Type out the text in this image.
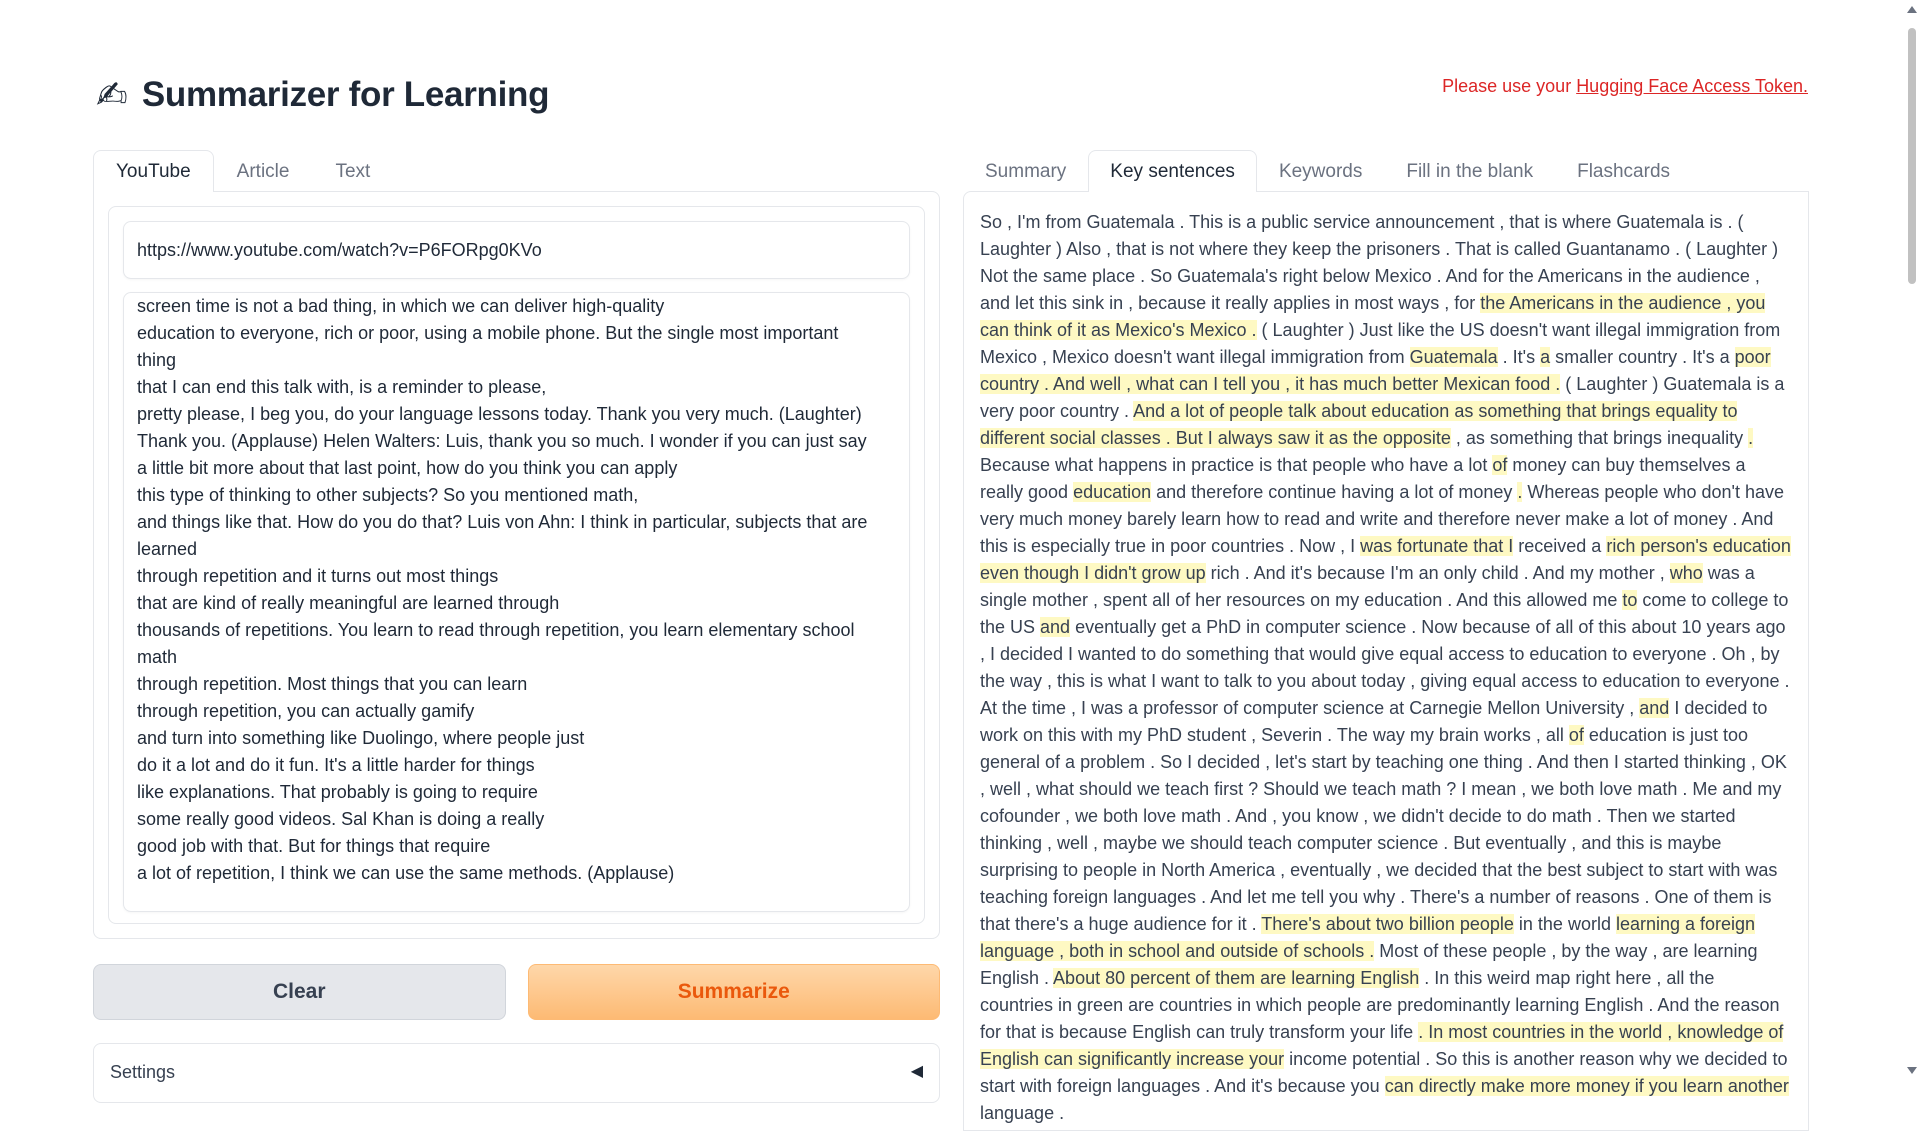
✍ Summarizer for Learning	Please use your Hugging Face Access Token.
YouTube	Article	Text
https://www.youtube.com/watch?v=P6FORpg0KVo
screen time is not a bad thing, in which we can deliver high-quality
education to everyone, rich or poor, using a mobile phone. But the single most important
thing
that I can end this talk with, is a reminder to please,
pretty please, I beg you, do your language lessons today. Thank you very much. (Laughter)
Thank you. (Applause) Helen Walters: Luis, thank you so much. I wonder if you can just say
a little bit more about that last point, how do you think you can apply
this type of thinking to other subjects? So you mentioned math,
and things like that. How do you do that? Luis von Ahn: I think in particular, subjects that are
learned
through repetition and it turns out most things
that are kind of really meaningful are learned through
thousands of repetitions. You learn to read through repetition, you learn elementary school
math
through repetition. Most things that you can learn
through repetition, you can actually gamify
and turn into something like Duolingo, where people just
do it a lot and do it fun. It's a little harder for things
like explanations. That probably is going to require
some really good videos. Sal Khan is doing a really
good job with that. But for things that require
a lot of repetition, I think we can use the same methods. (Applause)
Clear	Summarize
Settings	◀
Summary	Key sentences	Keywords	Fill in the blank	Flashcards
So , I'm from Guatemala . This is a public service announcement , that is where Guatemala is . ( Laughter ) Also , that is not where they keep the prisoners . That is called Guantanamo . ( Laughter ) Not the same place . So Guatemala's right below Mexico . And for the Americans in the audience , and let this sink in , because it really applies in most ways , for the Americans in the audience , you can think of it as Mexico's Mexico . ( Laughter ) Just like the US doesn't want illegal immigration from Mexico , Mexico doesn't want illegal immigration from Guatemala . It's a smaller country . It's a poor country . And well , what can I tell you , it has much better Mexican food . ( Laughter ) Guatemala is a very poor country . And a lot of people talk about education as something that brings equality to different social classes . But I always saw it as the opposite , as something that brings inequality . Because what happens in practice is that people who have a lot of money can buy themselves a really good education and therefore continue having a lot of money . Whereas people who don't have very much money barely learn how to read and write and therefore never make a lot of money . And this is especially true in poor countries . Now , I was fortunate that I received a rich person's education even though I didn't grow up rich . And it's because I'm an only child . And my mother , who was a single mother , spent all of her resources on my education . And this allowed me to come to college to the US and eventually get a PhD in computer science . Now because of all of this about 10 years ago , I decided I wanted to do something that would give equal access to education to everyone . Oh , by the way , this is what I want to talk to you about today , giving equal access to education to everyone . At the time , I was a professor of computer science at Carnegie Mellon University , and I decided to work on this with my PhD student , Severin . The way my brain works , all of education is just too general of a problem . So I decided , let's start by teaching one thing . And then I started thinking , OK , well , what should we teach first ? Should we teach math ? I mean , we both love math . Me and my cofounder , we both love math . And , you know , we didn't decide to do math . Then we started thinking , well , maybe we should teach computer science . But eventually , and this is maybe surprising to people in North America , eventually , we decided that the best subject to start with was teaching foreign languages . And let me tell you why . There's a number of reasons . One of them is that there's a huge audience for it . There's about two billion people in the world learning a foreign language , both in school and outside of schools . Most of these people , by the way , are learning English . About 80 percent of them are learning English . In this weird map right here , all the countries in green are countries in which people are predominantly learning English . And the reason for that is because English can truly transform your life . In most countries in the world , knowledge of English can significantly increase your income potential . So this is another reason why we decided to start with foreign languages . And it's because you can directly make more money if you learn another language .
